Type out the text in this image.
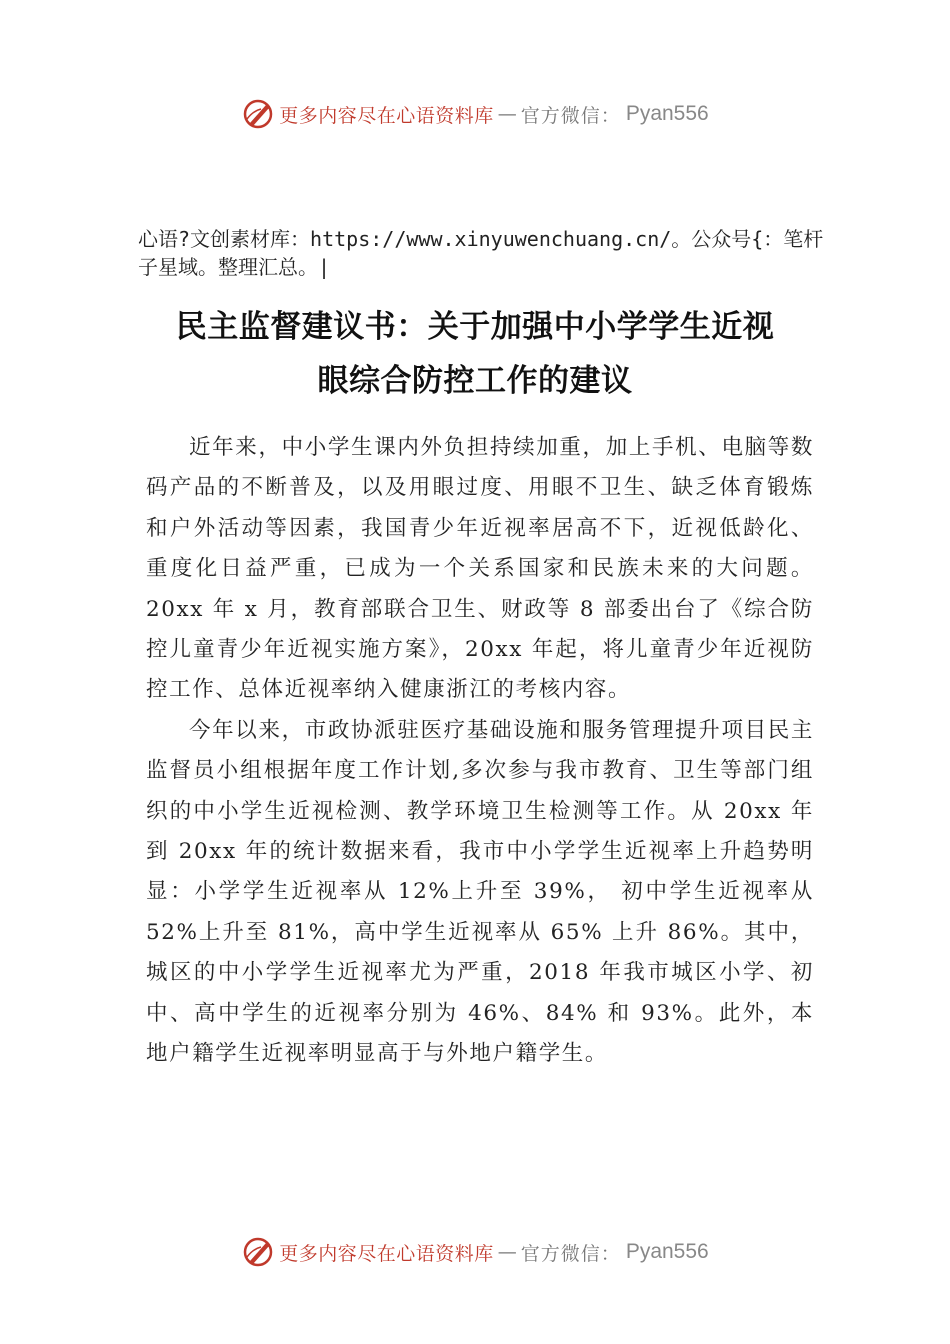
更多内容尽在心语资料库 — 官方微信 ： Pyan556
心语?文创素材库：https://www.xinyuwenchuang.cn/。公众号{：笔杆子星域。整理汇总。|
民主监督建议书：关于加强中小学学生近视
眼综合防控工作的建议

近年来，中小学生课内外负担持续加重，加上手机、电脑等数码产品的不断普及，以及用眼过度、用眼不卫生、缺乏体育锻炼和户外活动等因素，我国青少年近视率居高不下，近视低龄化、重度化日益严重，已成为一个关系国家和民族未来的大问题。20xx 年 x 月，教育部联合卫生、财政等 8 部委出台了《综合防控儿童青少年近视实施方案》，20xx 年起，将儿童青少年近视防控工作、总体近视率纳入健康浙江的考核内容。

今年以来，市政协派驻医疗基础设施和服务管理提升项目民主监督员小组根据年度工作计划,多次参与我市教育、卫生等部门组织的中小学生近视检测、教学环境卫生检测等工作。从 20xx 年到 20xx 年的统计数据来看，我市中小学学生近视率上升趋势明显：小学学生近视率从 12%上升至 39%， 初中学生近视率从 52%上升至 81%，高中学生近视率从 65% 上升 86%。其中，城区的中小学学生近视率尤为严重，2018 年我市城区小学、初中、高中学生的近视率分别为 46%、84% 和 93%。此外，本地户籍学生近视率明显高于与外地户籍学生。

更多内容尽在心语资料库 — 官方微信 ： Pyan556
